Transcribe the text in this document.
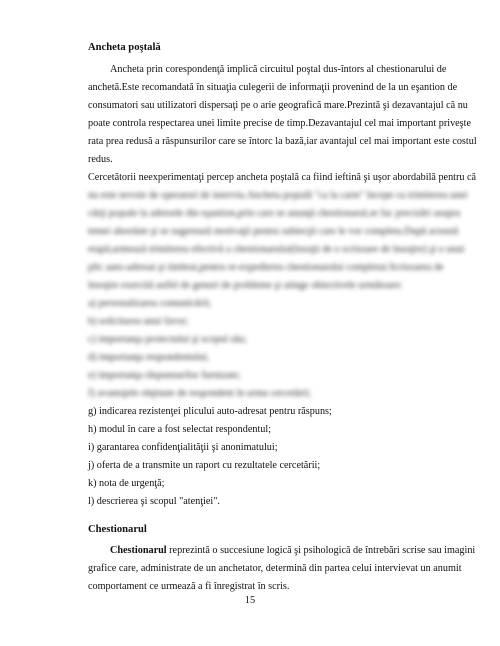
Ancheta poştală
Ancheta prin corespondenţă implică circuitul poştal dus-întors al chestionarului de
anchetă.Este recomandată în situaţia culegerii de informaţii provenind de la un eşantion de
consumatori sau utilizatori dispersaţi pe o arie geografică mare.Prezintă şi dezavantajul că nu
poate controla respectarea unei limite precise de timp.Dezavantajul cel mai important priveşte
rata prea redusă a răspunsurilor care se întorc la bază,iar avantajul cel mai important este costul
redus.
Cercetătorii neexperimentaţi percep ancheta poştală ca fiind ieftină şi uşor abordabilă pentru că
nu este nevoie de operatori de interviu.Ancheta poştală "ca la carte" începe cu trimiterea unei
cărţi poştale la adresele din eşantion,prin care se anunţă chestionarul,se fac precizări asupra
temei abordate şi se sugerează motivaţii pentru subiecţii care le vor completa.După această
etapă,urmează trimiterea efectivă a chestionarului(însoţit de o scrisoare de însoţire) şi o unui
plic auto-adresat şi timbrat,pentru re-expedierea chestionarului completat.Scrisoarea de
însoţire exercită astfel de genuri de probleme şi atinge obiectivele următoare:
a) personalizarea comunicării;
b) solicitarea unui favor;
c) importanţa proiectului şi scopul său;
d) importanţa respondentului;
e) importanţa răspunsurilor furnizate;
f) avantajele obţinute de respondent în urma cercetării;
g) indicarea rezistenţei plicului auto-adresat pentru răspuns;
h) modul în care a fost selectat respondentul;
i) garantarea confidenţialităţii şi anonimatului;
j) oferta de a transmite un raport cu rezultatele cercetării;
k) nota de urgenţă;
l) descrierea şi scopul "atenţiei".
Chestionarul
Chestionarul reprezintă o succesiune logică şi psihologică de întrebări scrise sau imagini
grafice care, administrate de un anchetator, determină din partea celui intervievat un anumit
comportament ce urmează a fi înregistrat în scris.
15
